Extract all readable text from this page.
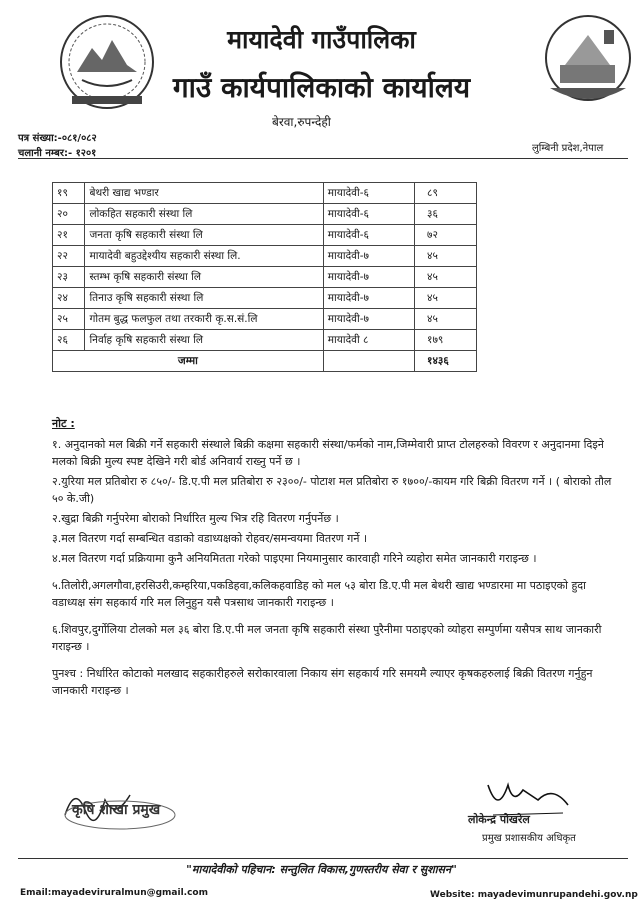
मायादेवी गाउँपालिका
गाउँ कार्यपालिकाको कार्यालय
बेरवा,रुपन्देही
लुम्बिनी प्रदेश,नेपाल
पत्र संख्या:-०८१/०८२
चलानी नम्बर:- १२०१
१९	बेथरी खाद्य भण्डार	मायादेवी-६	८९
२०	लोकहित सहकारी संस्था लि	मायादेवी-६	३६
२१	जनता कृषि सहकारी संस्था लि	मायादेवी-६	७२
२२	मायादेवी बहुउद्देश्यीय सहकारी संस्था लि.	मायादेवी-७	४५
२३	स्तम्भ कृषि सहकारी संस्था लि	मायादेवी-७	४५
२४	तिनाउ कृषि सहकारी संस्था लि	मायादेवी-७	४५
२५	गोतम बुद्ध फलफुल तथा तरकारी कृ.स.सं.लि	मायादेवी-७	४५
२६	निर्वाह कृषि सहकारी संस्था लि	मायादेवी ८	१७९
जम्मा			१४३६
नोट :

१. अनुदानको मल बिक्री गर्ने सहकारी संस्थाले बिक्री कक्षमा सहकारी संस्था/फर्मको नाम,जिम्मेवारी प्राप्त टोलहरुको विवरण र अनुदानमा दिइने मलको बिक्री मुल्य स्पष्ट देखिने गरी बोर्ड अनिवार्य राख्नु पर्ने छ ।

२.युरिया मल प्रतिबोरा रु ८५०/- डि.ए.पी मल प्रतिबोरा रु २३००/- पोटाश मल प्रतिबोरा रु १७००/-कायम गरि बिक्री वितरण गर्ने । ( बोराको तौल ५० के.जी)

२.खुद्रा बिक्री गर्नुपरेमा बोराको निर्धारित मुल्य भित्र रहि वितरण गर्नुपर्नेछ ।

३.मल वितरण गर्दा सम्बन्धित वडाको वडाध्यक्षको रोहवर/समन्वयमा वितरण गर्ने ।

४.मल वितरण गर्दा प्रक्रियामा कुनै अनियमितता गरेको पाइएमा नियमानुसार कारवाही गरिने व्यहोरा समेत जानकारी गराइन्छ ।

५.तिलोरी,अगलगौवा,हरसिउरी,कम्हरिया,पकडिहवा,कलिकहवाडिह को मल ५३ बोरा डि.ए.पी मल बेथरी खाद्य भण्डारमा मा पठाइएको हुदा वडाध्यक्ष संग सहकार्य गरि मल लिनुहुन यसै पत्रसाथ जानकारी गराइन्छ ।

६.शिवपुर,दुर्गोलिया टोलको मल ३६ बोरा डि.ए.पी मल जनता कृषि सहकारी संस्था पुरैनीमा पठाइएको व्योहरा सम्पुर्णमा यसैपत्र साथ जानकारी गराइन्छ ।

पुनश्च : निर्धारित कोटाको मलखाद सहकारीहरुले सरोकारवाला निकाय संग सहकार्य गरि समयमै ल्याएर कृषकहरुलाई बिक्री वितरण गर्नुहुन जानकारी गराइन्छ ।

कृषि शाखा प्रमुख
लोकेन्द्र पोखरेल
प्रमुख प्रशासकीय अधिकृत
"मायादेवीको पहिचान: सन्तुलित विकास,गुणस्तरीय सेवा र सुशासन"
Email:mayadeviruralmun@gmail.com	Website: mayadevimunrupandehi.gov.np
